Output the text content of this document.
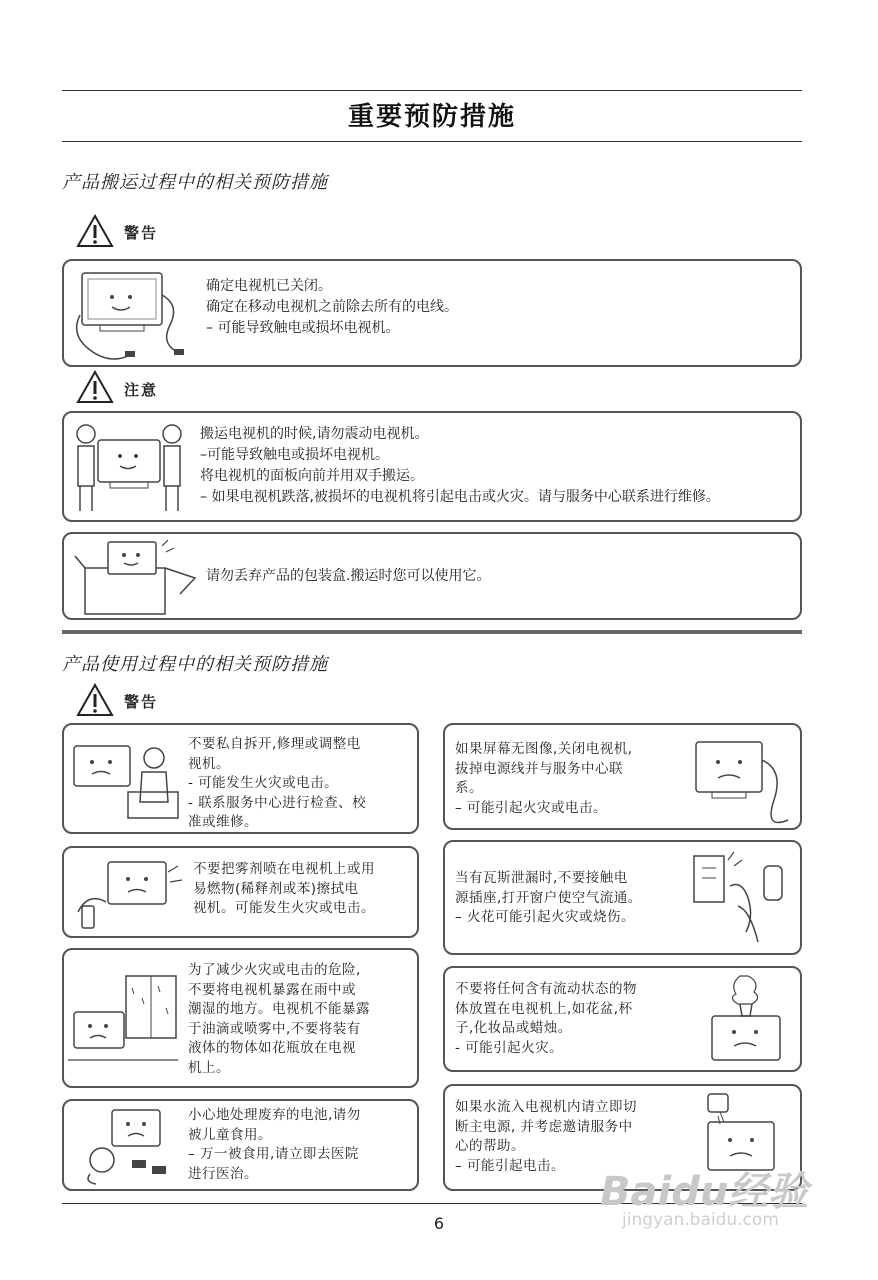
重要预防措施
产品搬运过程中的相关预防措施
警告
确定电视机已关闭。
确定在移动电视机之前除去所有的电线。
– 可能导致触电或损坏电视机。
注意
搬运电视机的时候,请勿震动电视机。
–可能导致触电或损坏电视机。
将电视机的面板向前并用双手搬运。
– 如果电视机跌落,被损坏的电视机将引起电击或火灾。请与服务中心联系进行维修。
请勿丢弃产品的包装盒.搬运时您可以使用它。
产品使用过程中的相关预防措施
警告
不要私自拆开,修理或调整电
视机。
- 可能发生火灾或电击。
- 联系服务中心进行检查、校
准或维修。
不要把雾剂喷在电视机上或用
易燃物(稀释剂或苯)擦拭电
视机。可能发生火灾或电击。
为了减少火灾或电击的危险,
不要将电视机暴露在雨中或
潮湿的地方。电视机不能暴露
于油滴或喷雾中,不要将装有
液体的物体如花瓶放在电视
机上。
小心地处理废弃的电池,请勿
被儿童食用。
– 万一被食用,请立即去医院
进行医治。
如果屏幕无图像,关闭电视机,
拔掉电源线并与服务中心联
系。
– 可能引起火灾或电击。
当有瓦斯泄漏时,不要接触电
源插座,打开窗户使空气流通。
– 火花可能引起火灾或烧伤。
不要将任何含有流动状态的物
体放置在电视机上,如花盆,杯
子,化妆品或蜡烛。
- 可能引起火灾。
如果水流入电视机内请立即切
断主电源, 并考虑邀请服务中
心的帮助。
– 可能引起电击。
6
Baidu经验
jingyan.baidu.com
